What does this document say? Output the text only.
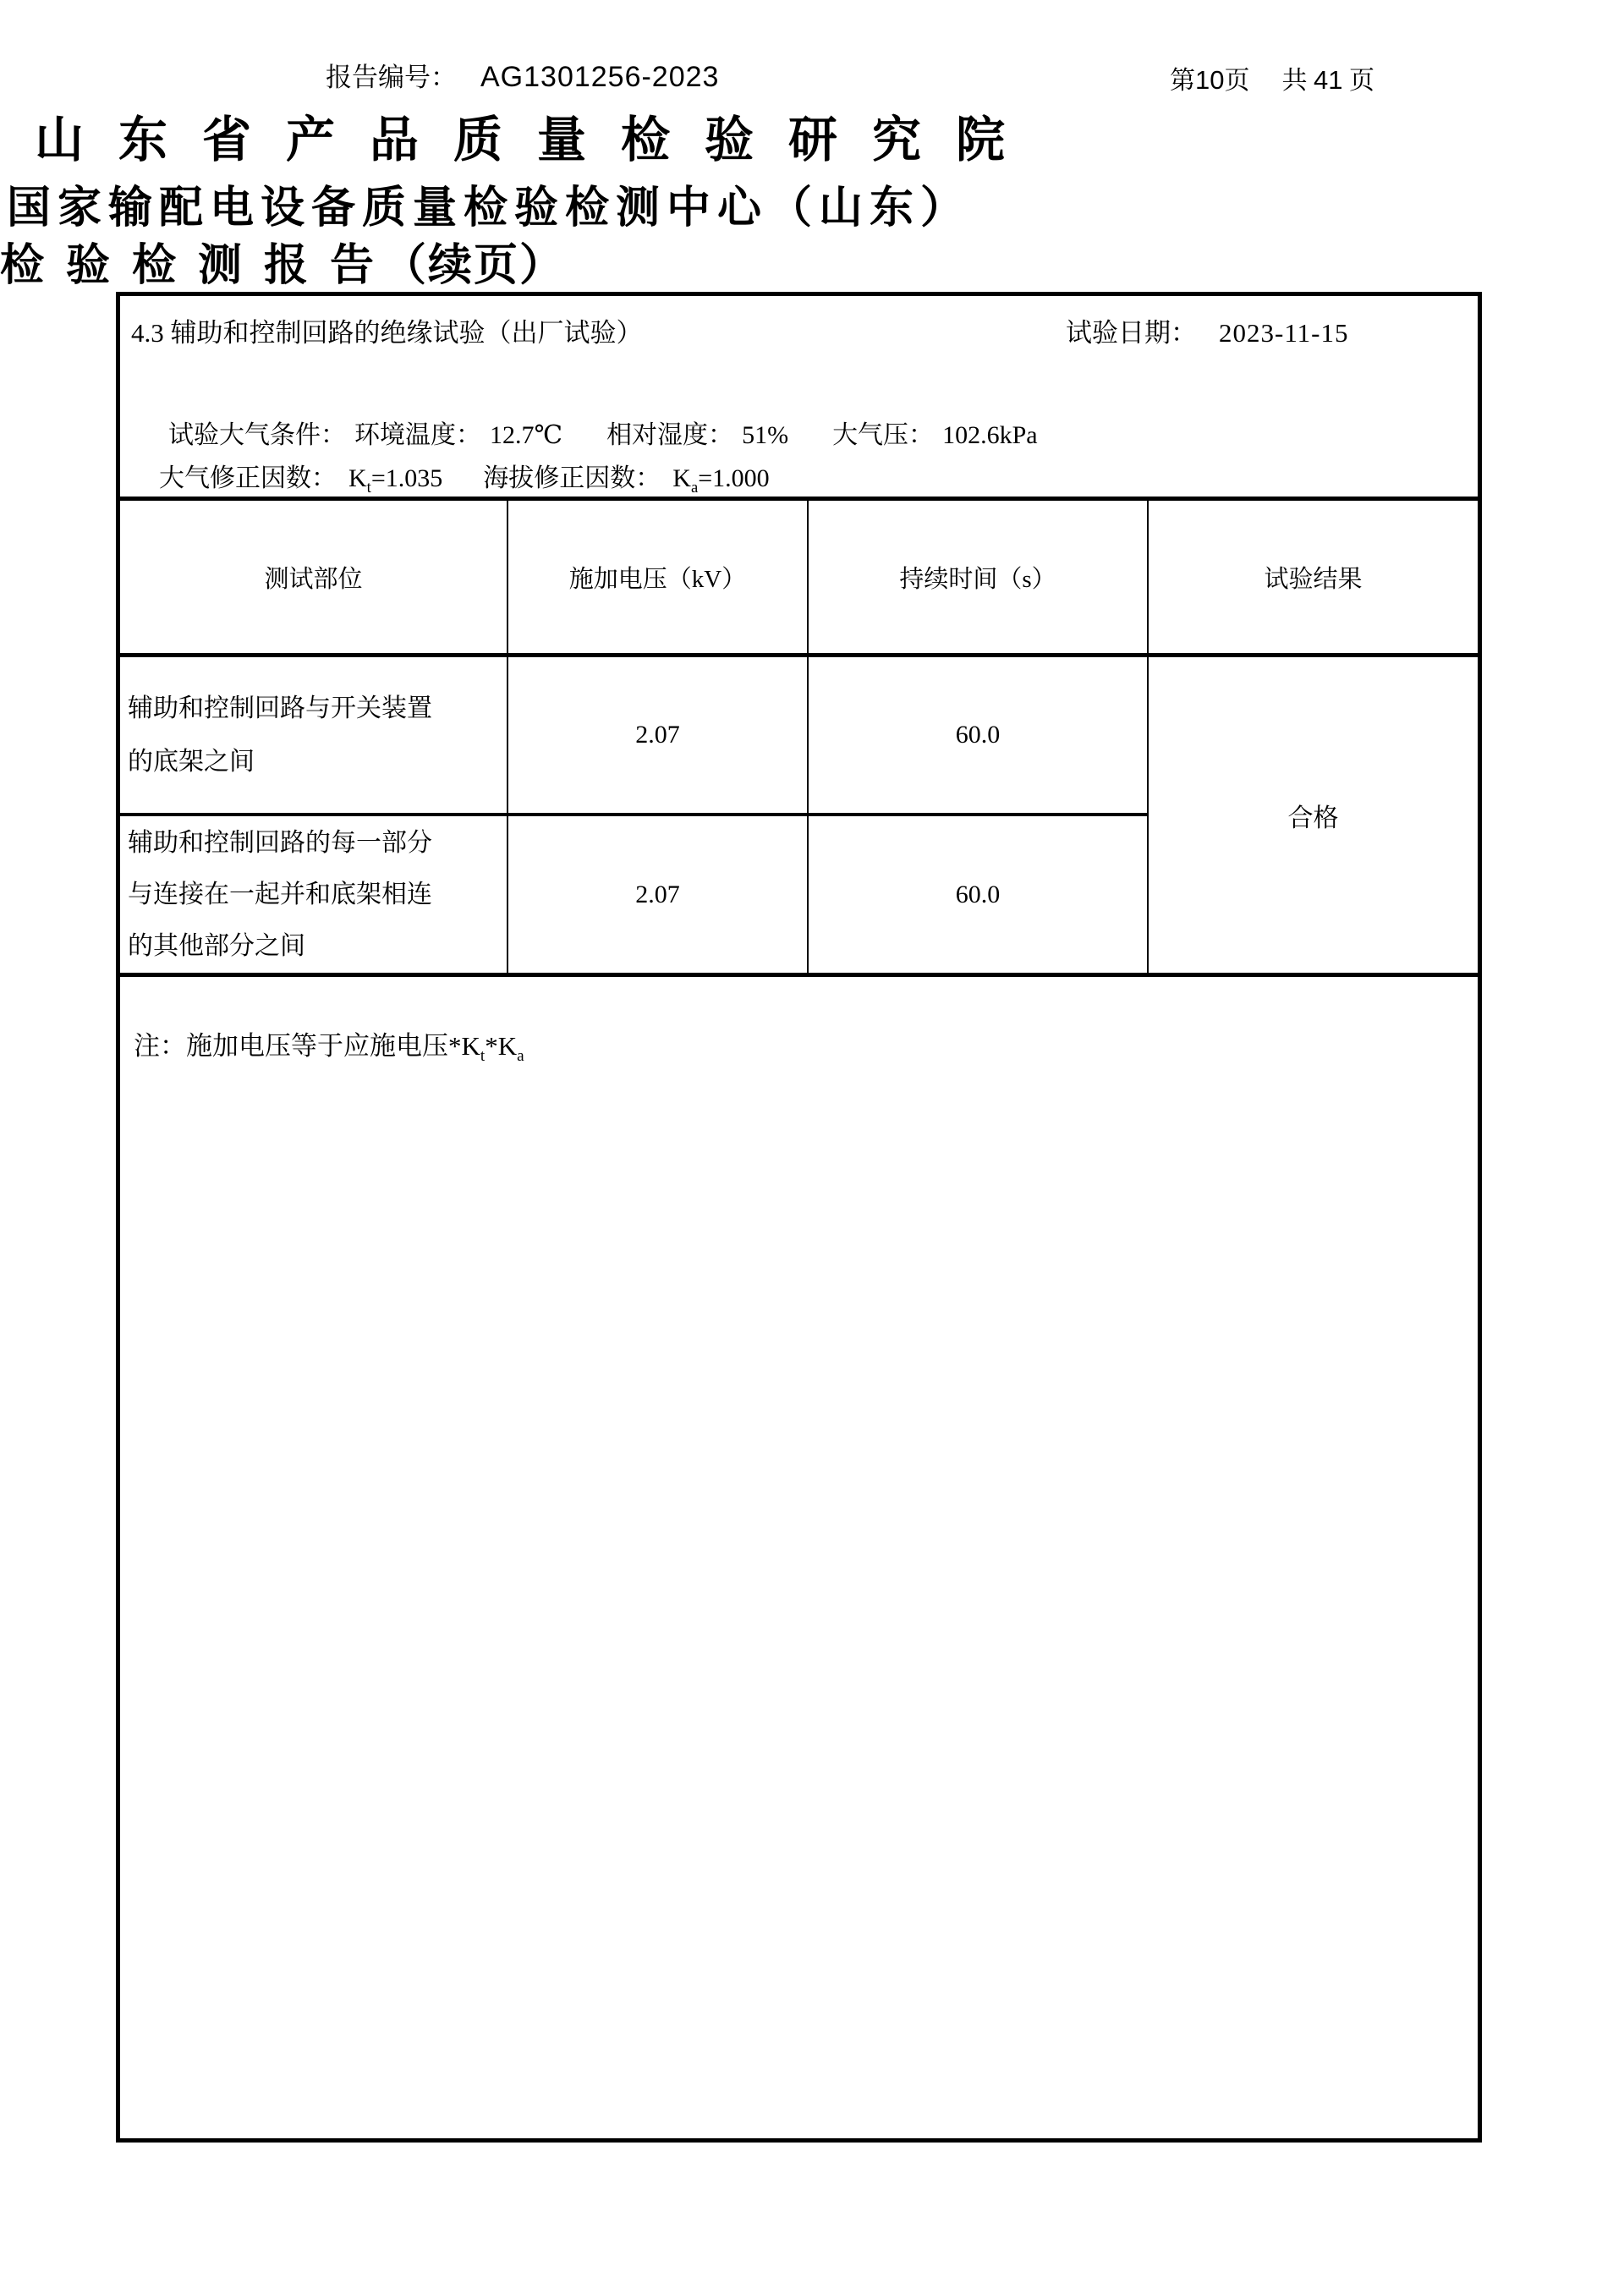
报告编号： AG1301256-2023	第10页 共 41 页
山东省产品质量检验研究院
国家输配电设备质量检验检测中心（山东）
检验检测报告（续页）
4.3 辅助和控制回路的绝缘试验（出厂试验）	试验日期： 2023-11-15
试验大气条件： 环境温度： 12.7℃ 相对湿度： 51% 大气压： 102.6kPa
大气修正因数： $K_t=1.035$ 海拔修正因数： $K_a=1.000$
测试部位	施加电压（kV）	持续时间（s）	试验结果
辅助和控制回路与开关装置
的底架之间
2.07	60.0
合格
辅助和控制回路的每一部分
与连接在一起并和底架相连
的其他部分之间
2.07	60.0
注：施加电压等于应施电压$*K_t*K_a$
